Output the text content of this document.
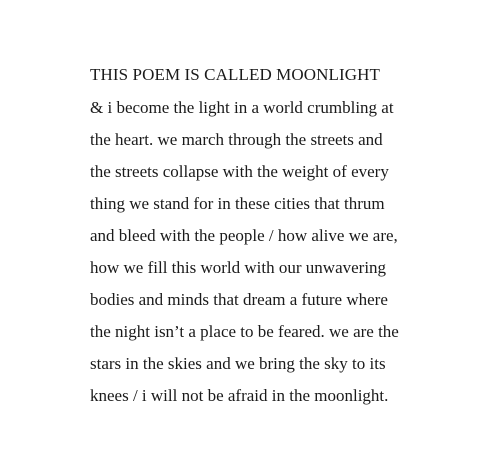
THIS POEM IS CALLED MOONLIGHT

& i become the light in a world crumbling at

the heart. we march through the streets and

the streets collapse with the weight of every

thing we stand for in these cities that thrum

and bleed with the people / how alive we are,

how we fill this world with our unwavering

bodies and minds that dream a future where

the night isn’t a place to be feared. we are the

stars in the skies and we bring the sky to its

knees / i will not be afraid in the moonlight.
